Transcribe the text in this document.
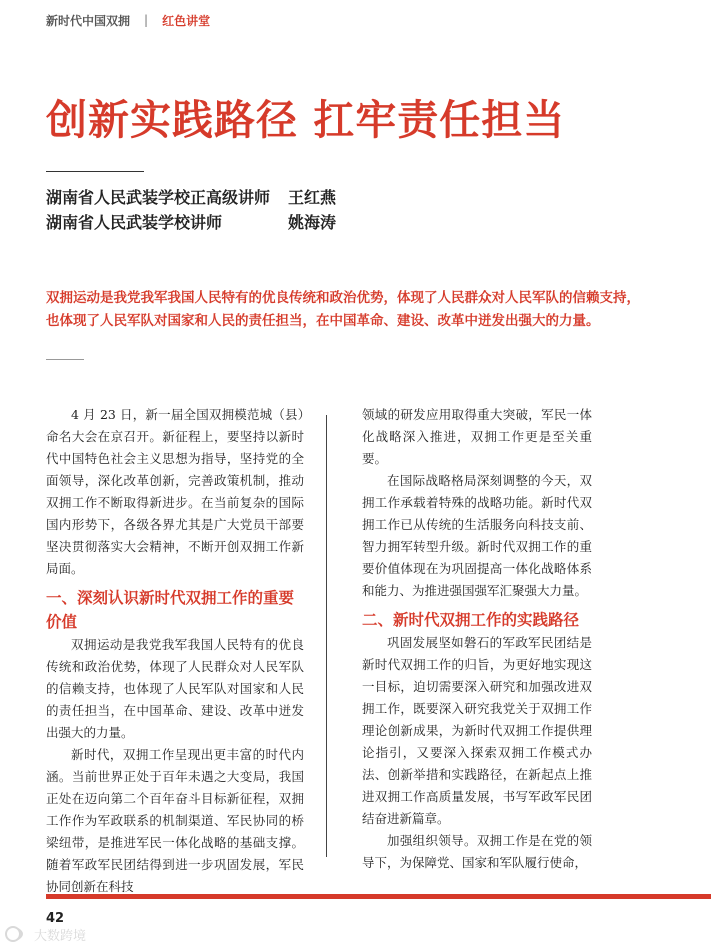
新时代中国双拥 | 红色讲堂
创新实践路径 扛牢责任担当
湖南省人民武装学校正高级讲师 王红燕
湖南省人民武装学校讲师	姚海涛

双拥运动是我党我军我国人民特有的优良传统和政治优势，体现了人民群众对人民军队的信赖支持，也体现了人民军队对国家和人民的责任担当，在中国革命、建设、改革中迸发出强大的力量。

4 月 23 日，新一届全国双拥模范城（县）命名大会在京召开。新征程上，要坚持以新时代中国特色社会主义思想为指导，坚持党的全面领导，深化改革创新，完善政策机制，推动双拥工作不断取得新进步。在当前复杂的国际国内形势下，各级各界尤其是广大党员干部要坚决贯彻落实大会精神，不断开创双拥工作新局面。

一、深刻认识新时代双拥工作的重要价值

双拥运动是我党我军我国人民特有的优良传统和政治优势，体现了人民群众对人民军队的信赖支持，也体现了人民军队对国家和人民的责任担当，在中国革命、建设、改革中迸发出强大的力量。

新时代，双拥工作呈现出更丰富的时代内涵。当前世界正处于百年未遇之大变局，我国正处在迈向第二个百年奋斗目标新征程，双拥工作作为军政联系的机制渠道、军民协同的桥梁纽带，是推进军民一体化战略的基础支撑。随着军政军民团结得到进一步巩固发展，军民协同创新在科技

领域的研发应用取得重大突破，军民一体化战略深入推进，双拥工作更是至关重要。

在国际战略格局深刻调整的今天，双拥工作承载着特殊的战略功能。新时代双拥工作已从传统的生活服务向科技支前、智力拥军转型升级。新时代双拥工作的重要价值体现在为巩固提高一体化战略体系和能力、为推进强国强军汇聚强大力量。

二、新时代双拥工作的实践路径

巩固发展坚如磐石的军政军民团结是新时代双拥工作的归旨，为更好地实现这一目标，迫切需要深入研究和加强改进双拥工作，既要深入研究我党关于双拥工作理论创新成果，为新时代双拥工作提供理论指引，又要深入探索双拥工作模式办法、创新举措和实践路径，在新起点上推进双拥工作高质量发展，书写军政军民团结奋进新篇章。

加强组织领导。双拥工作是在党的领导下，为保障党、国家和军队履行使命，

42
大数跨境
